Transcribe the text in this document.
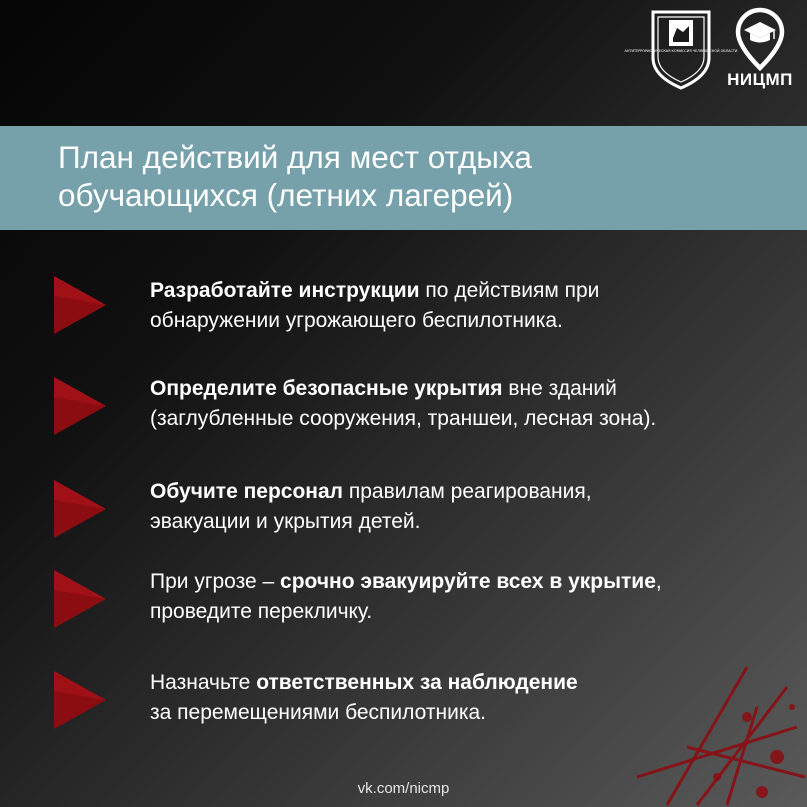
АНТИТЕРРОРИСТИЧЕСКАЯ КОМИССИЯ ЧЕЛЯБИНСКОЙ ОБЛАСТИ
НИЦМП
План действий для мест отдыха
обучающихся (летних лагерей)
Разработайте инструкции по действиям при
обнаружении угрожающего беспилотника.
Определите безопасные укрытия вне зданий
(заглубленные сооружения, траншеи, лесная зона).
Обучите персонал правилам реагирования,
эвакуации и укрытия детей.
При угрозе – срочно эвакуируйте всех в укрытие,
проведите перекличку.
Назначьте ответственных за наблюдение
за перемещениями беспилотника.
vk.com/nicmp
